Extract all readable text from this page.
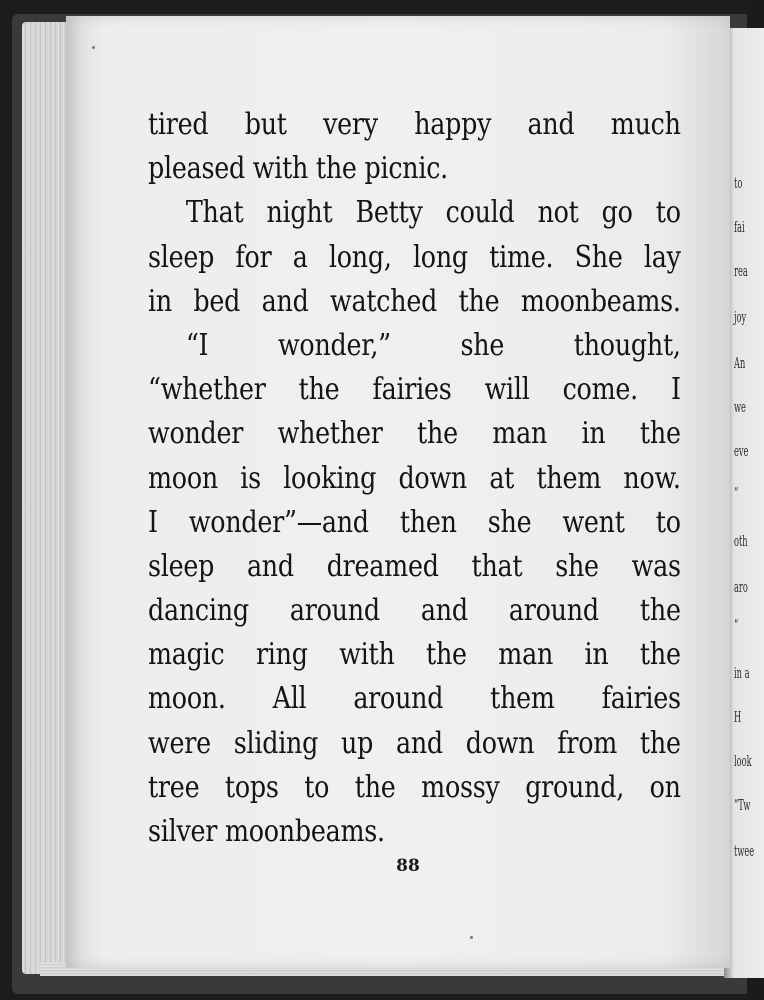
to
fai
rea
joy
An
we
eve
“
oth
aro
“
in a
H
look
“Tw
twee
tired but very happy and much
pleased with the picnic.
That night Betty could not go to
sleep for a long, long time. She lay
in bed and watched the moonbeams.
“I wonder,” she thought,
“whether the fairies will come. I
wonder whether the man in the
moon is looking down at them now.
I wonder”—and then she went to
sleep and dreamed that she was
dancing around and around the
magic ring with the man in the
moon. All around them fairies
were sliding up and down from the
tree tops to the mossy ground, on
silver moonbeams.
88
